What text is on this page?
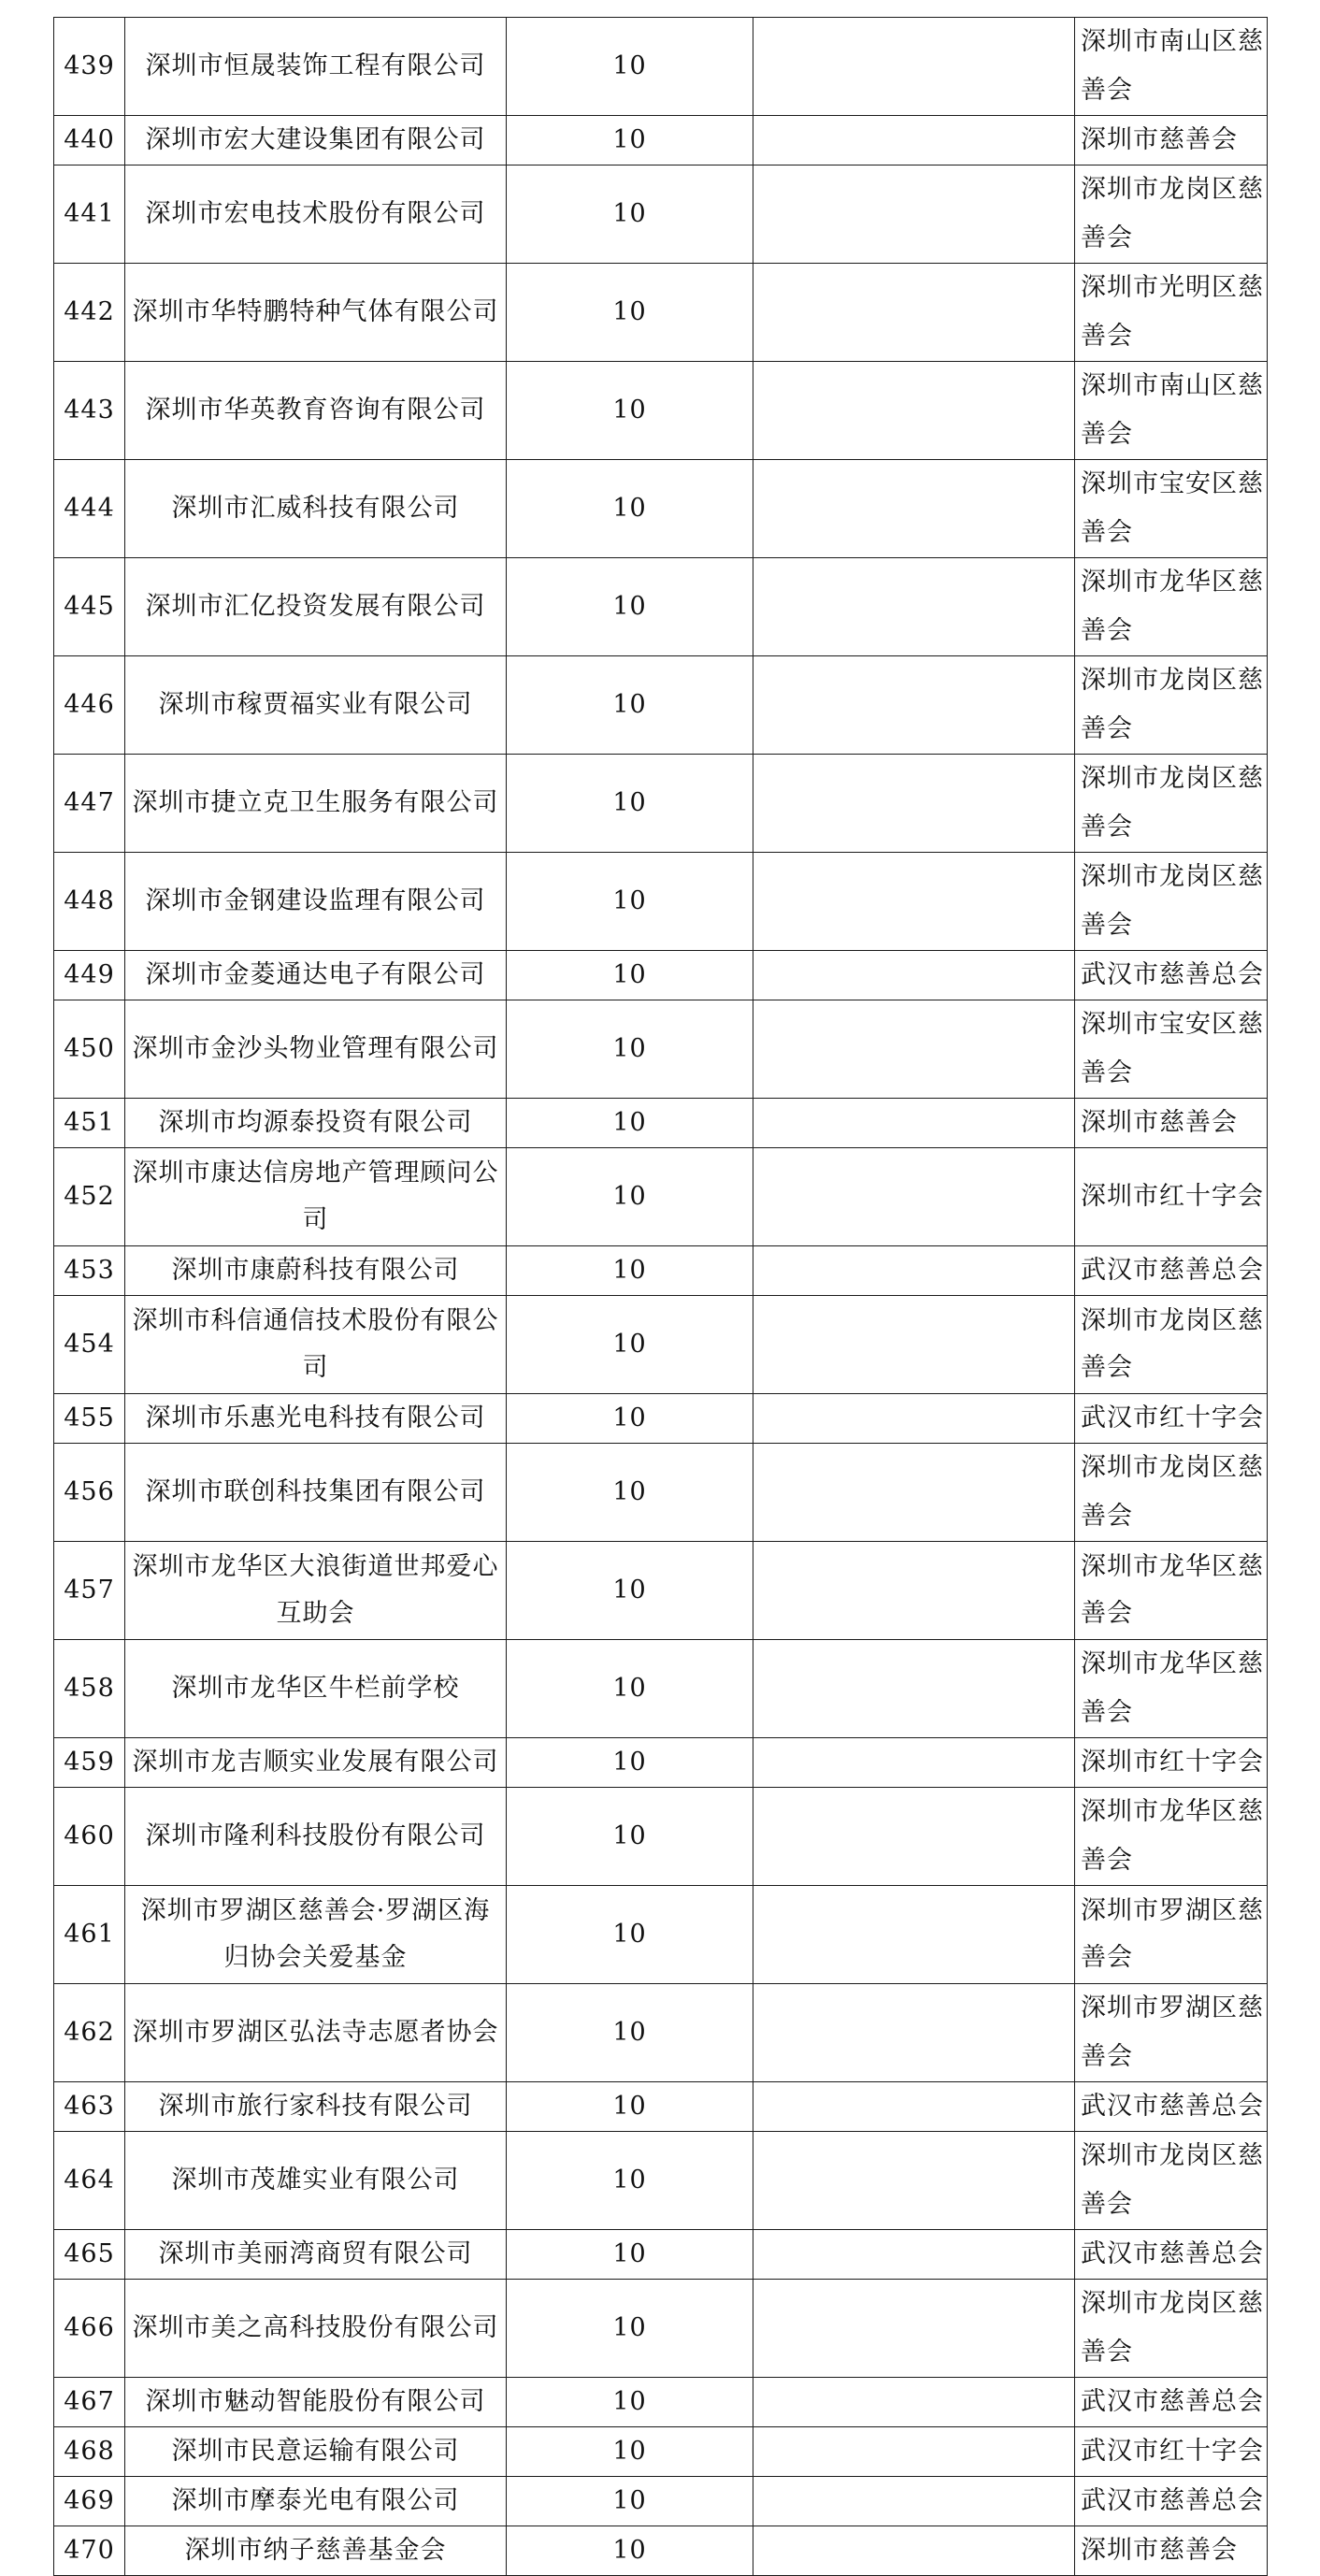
439	深圳市恒晟装饰工程有限公司	10		深圳市南山区慈善会
440	深圳市宏大建设集团有限公司	10		深圳市慈善会
441	深圳市宏电技术股份有限公司	10		深圳市龙岗区慈善会
442	深圳市华特鹏特种气体有限公司	10		深圳市光明区慈善会
443	深圳市华英教育咨询有限公司	10		深圳市南山区慈善会
444	深圳市汇威科技有限公司	10		深圳市宝安区慈善会
445	深圳市汇亿投资发展有限公司	10		深圳市龙华区慈善会
446	深圳市稼贾福实业有限公司	10		深圳市龙岗区慈善会
447	深圳市捷立克卫生服务有限公司	10		深圳市龙岗区慈善会
448	深圳市金钢建设监理有限公司	10		深圳市龙岗区慈善会
449	深圳市金菱通达电子有限公司	10		武汉市慈善总会
450	深圳市金沙头物业管理有限公司	10		深圳市宝安区慈善会
451	深圳市均源泰投资有限公司	10		深圳市慈善会
452	深圳市康达信房地产管理顾问公司	10		深圳市红十字会
453	深圳市康蔚科技有限公司	10		武汉市慈善总会
454	深圳市科信通信技术股份有限公司	10		深圳市龙岗区慈善会
455	深圳市乐惠光电科技有限公司	10		武汉市红十字会
456	深圳市联创科技集团有限公司	10		深圳市龙岗区慈善会
457	深圳市龙华区大浪街道世邦爱心互助会	10		深圳市龙华区慈善会
458	深圳市龙华区牛栏前学校	10		深圳市龙华区慈善会
459	深圳市龙吉顺实业发展有限公司	10		深圳市红十字会
460	深圳市隆利科技股份有限公司	10		深圳市龙华区慈善会
461	深圳市罗湖区慈善会·罗湖区海归协会关爱基金	10		深圳市罗湖区慈善会
462	深圳市罗湖区弘法寺志愿者协会	10		深圳市罗湖区慈善会
463	深圳市旅行家科技有限公司	10		武汉市慈善总会
464	深圳市茂雄实业有限公司	10		深圳市龙岗区慈善会
465	深圳市美丽湾商贸有限公司	10		武汉市慈善总会
466	深圳市美之高科技股份有限公司	10		深圳市龙岗区慈善会
467	深圳市魅动智能股份有限公司	10		武汉市慈善总会
468	深圳市民意运输有限公司	10		武汉市红十字会
469	深圳市摩泰光电有限公司	10		武汉市慈善总会
470	深圳市纳子慈善基金会	10		深圳市慈善会
